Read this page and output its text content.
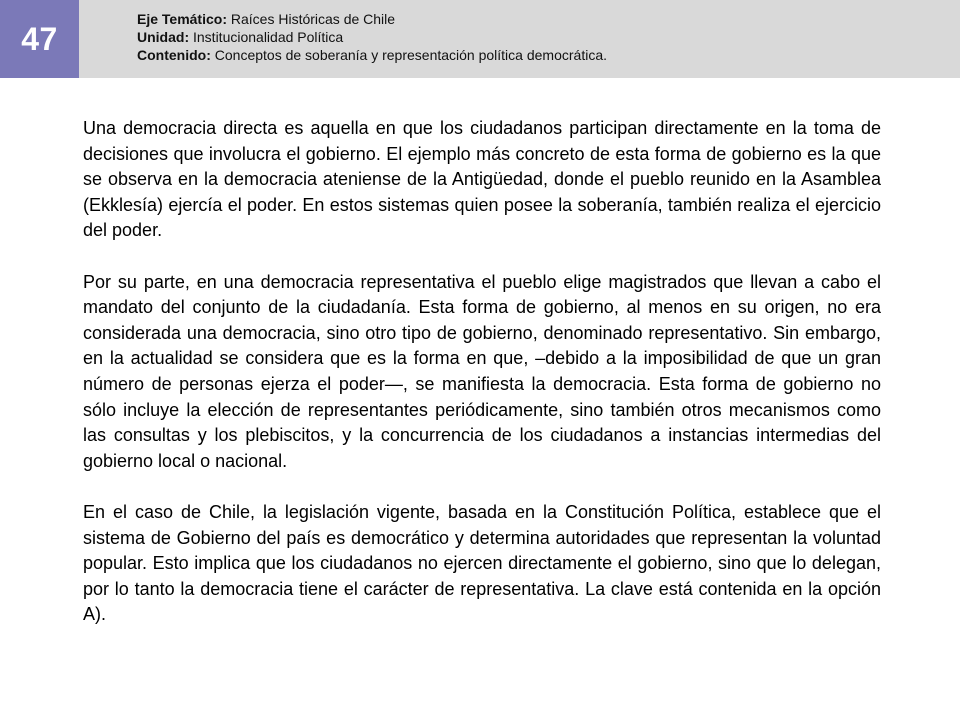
47
Eje Temático: Raíces Históricas de Chile
Unidad: Institucionalidad Política
Contenido: Conceptos de soberanía y representación política democrática.

Una democracia directa es aquella en que los ciudadanos participan directamente en la toma de decisiones que involucra el gobierno. El ejemplo más concreto de esta forma de gobierno es la que se observa en la democracia ateniense de la Antigüedad, donde el pueblo reunido en la Asamblea (Ekklesía) ejercía el poder. En estos sistemas quien posee la soberanía, también realiza el ejercicio del poder.

Por su parte, en una democracia representativa el pueblo elige magistrados que llevan a cabo el mandato del conjunto de la ciudadanía. Esta forma de gobierno, al menos en su origen, no era considerada una democracia, sino otro tipo de gobierno, denominado representativo. Sin embargo, en la actualidad se considera que es la forma en que, –debido a la imposibilidad de que un gran número de personas ejerza el poder—, se manifiesta la democracia. Esta forma de gobierno no sólo incluye la elección de representantes periódicamente, sino también otros mecanismos como las consultas y los plebiscitos, y la concurrencia de los ciudadanos a instancias intermedias del gobierno local o nacional.

En el caso de Chile, la legislación vigente, basada en la Constitución Política, establece que el sistema de Gobierno del país es democrático y determina autoridades que representan la voluntad popular. Esto implica que los ciudadanos no ejercen directamente el gobierno, sino que lo delegan, por lo tanto la democracia tiene el carácter de representativa. La clave está contenida en la opción A).
